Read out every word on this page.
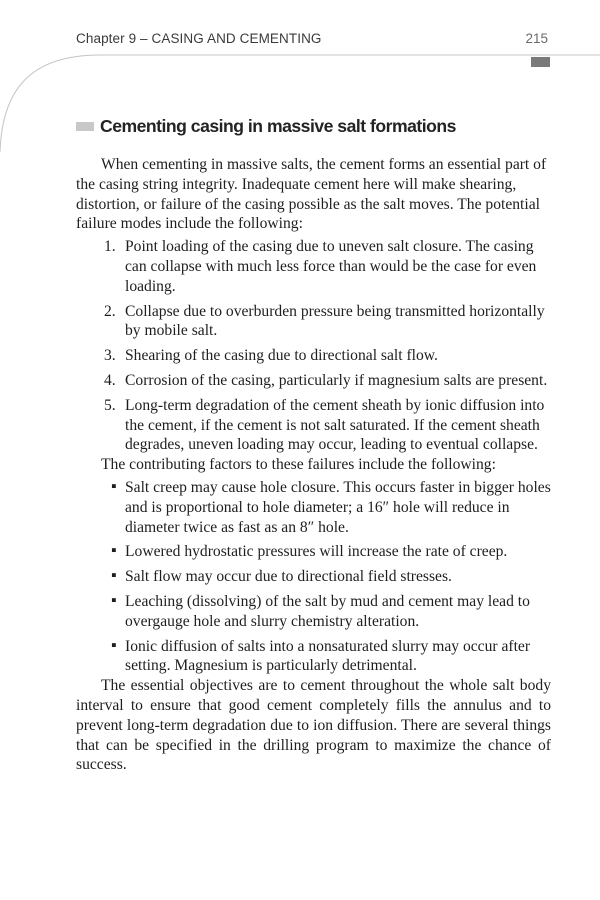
Chapter 9 – CASING AND CEMENTING	215
Cementing casing in massive salt formations

When cementing in massive salts, the cement forms an essential part of the casing string integrity. Inadequate cement here will make shearing, distortion, or failure of the casing possible as the salt moves. The potential failure modes include the following:

1. Point loading of the casing due to uneven salt closure. The casing can collapse with much less force than would be the case for even loading.
2. Collapse due to overburden pressure being transmitted horizontally by mobile salt.
3. Shearing of the casing due to directional salt flow.
4. Corrosion of the casing, particularly if magnesium salts are present.
5. Long-term degradation of the cement sheath by ionic diffusion into the cement, if the cement is not salt saturated. If the cement sheath degrades, uneven loading may occur, leading to eventual collapse.

The contributing factors to these failures include the following:

▪ Salt creep may cause hole closure. This occurs faster in bigger holes and is proportional to hole diameter; a 16″ hole will reduce in diameter twice as fast as an 8″ hole.
▪ Lowered hydrostatic pressures will increase the rate of creep.
▪ Salt flow may occur due to directional field stresses.
▪ Leaching (dissolving) of the salt by mud and cement may lead to overgauge hole and slurry chemistry alteration.
▪ Ionic diffusion of salts into a nonsaturated slurry may occur after setting. Magnesium is particularly detrimental.

The essential objectives are to cement throughout the whole salt body interval to ensure that good cement completely fills the annulus and to prevent long-term degradation due to ion diffusion. There are several things that can be specified in the drilling program to maximize the chance of success.
